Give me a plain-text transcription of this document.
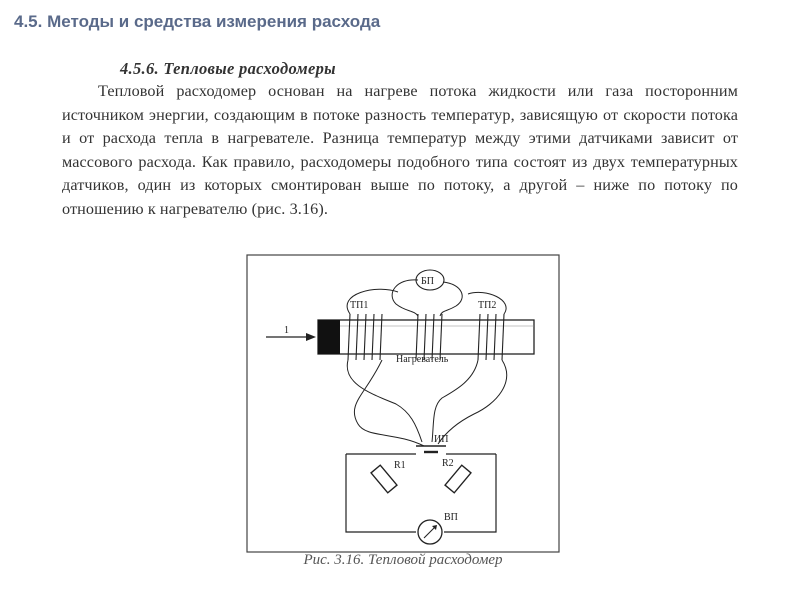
4.5. Методы и средства измерения расхода

4.5.6. Тепловые расходомеры

Тепловой расходомер основан на нагреве потока жидкости или газа посторонним источником энергии, создающим в потоке разность температур, зависящую от скорости потока и от расхода тепла в нагревателе. Разница температур между этими датчиками зависит от массового расхода. Как правило, расходомеры подобного типа состоят из двух температурных датчиков, один из которых смонтирован выше по потоку, а другой – ниже по потоку по отношению к нагревателю (рис. 3.16).

1
ТП1	ТП2
Нагреватель
БП
ИП
R1	R2
ВП
Рис. 3.16. Тепловой расходомер
